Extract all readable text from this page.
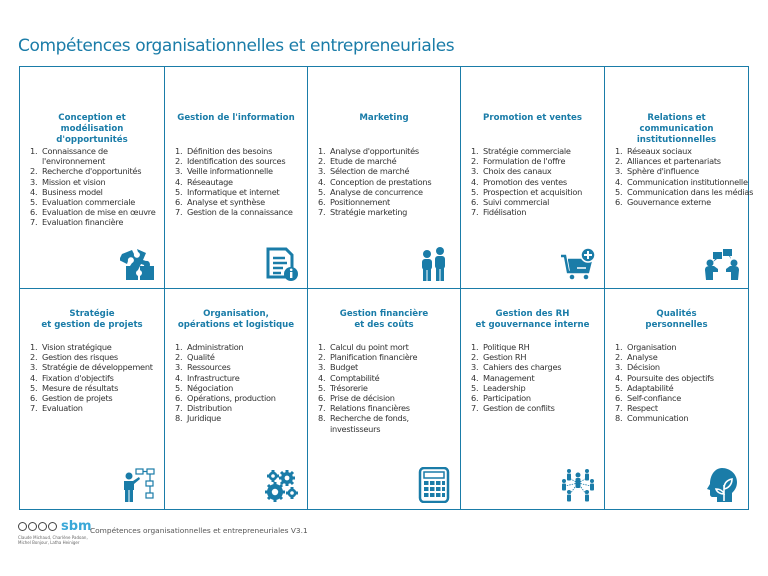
Compétences organisationnelles et entrepreneuriales
Conception et modélisation
d'opportunités
1. Connaissance de
l'environnement
2. Recherche d'opportunités
3. Mission et vision
4. Business model
5. Evaluation commerciale
6. Evaluation de mise en œuvre
7. Evaluation financière
Gestion de l'information
1. Définition des besoins
2. Identification des sources
3. Veille informationnelle
4. Réseautage
5. Informatique et internet
6. Analyse et synthèse
7. Gestion de la connaissance
Marketing
1. Analyse d'opportunités
2. Etude de marché
3. Sélection de marché
4. Conception de prestations
5. Analyse de concurrence
6. Positionnement
7. Stratégie marketing
Promotion et ventes
1. Stratégie commerciale
2. Formulation de l'offre
3. Choix des canaux
4. Promotion des ventes
5. Prospection et acquisition
6. Suivi commercial
7. Fidélisation
Relations et communication
institutionnelles
1. Réseaux sociaux
2. Alliances et partenariats
3. Sphère d'influence
4. Communication institutionnelle
5. Communication dans les médias
6. Gouvernance externe
Stratégie
et gestion de projets
1. Vision stratégique
2. Gestion des risques
3. Stratégie de développement
4. Fixation d'objectifs
5. Mesure de résultats
6. Gestion de projets
7. Evaluation
Organisation,
opérations et logistique
1. Administration
2. Qualité
3. Ressources
4. Infrastructure
5. Négociation
6. Opérations, production
7. Distribution
8. Juridique
Gestion financière
et des coûts
1. Calcul du point mort
2. Planification financière
3. Budget
4. Comptabilité
5. Trésorerie
6. Prise de décision
7. Relations financières
8. Recherche de fonds,
investisseurs
Gestion des RH
et gouvernance interne
1. Politique RH
2. Gestion RH
3. Cahiers des charges
4. Management
5. Leadership
6. Participation
7. Gestion de conflits
Qualités
personnelles
1. Organisation
2. Analyse
3. Décision
4. Poursuite des objectifs
5. Adaptabilité
6. Self-confiance
7. Respect
8. Communication
sbm
Claude Michaud, Charlène Padoan, Michel Bonjour, Latha Heiniger
Compétences organisationnelles et entrepreneuriales V3.1
